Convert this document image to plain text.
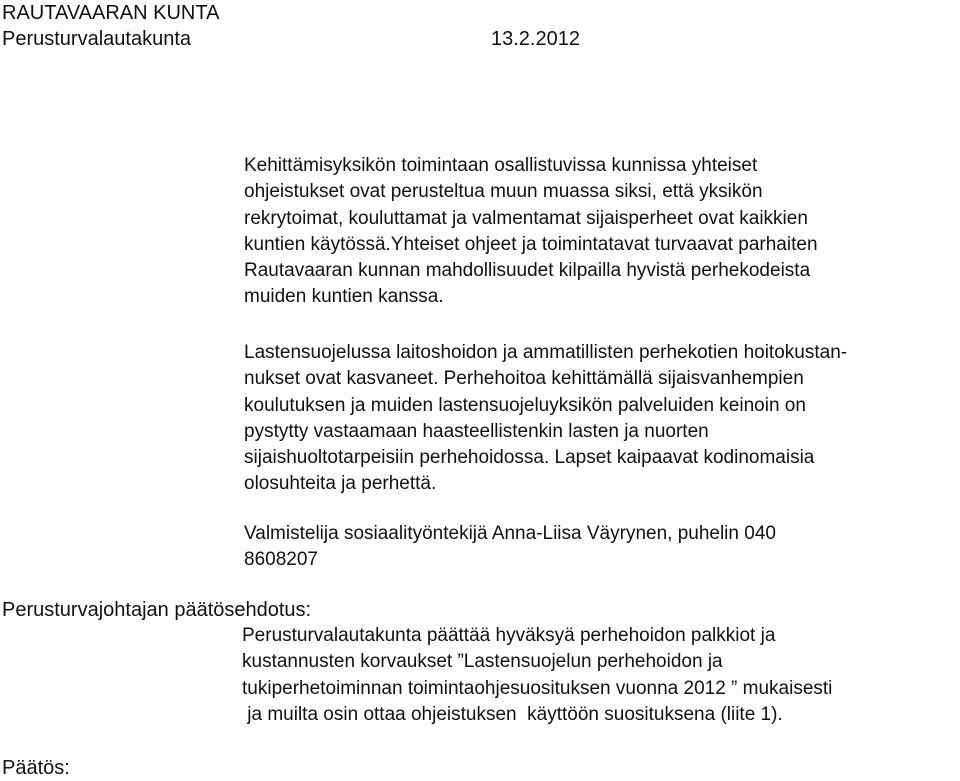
RAUTAVAARAN KUNTA
Perusturvalautakunta	13.2.2012
Kehittämisyksikön toimintaan osallistuvissa kunnissa yhteiset
ohjeistukset ovat perusteltua muun muassa siksi, että yksikön
rekrytoimat, kouluttamat ja valmentamat sijaisperheet ovat kaikkien
kuntien käytössä.Yhteiset ohjeet ja toimintatavat turvaavat parhaiten
Rautavaaran kunnan mahdollisuudet kilpailla hyvistä perhekodeista
muiden kuntien kanssa.
Lastensuojelussa laitoshoidon ja ammatillisten perhekotien hoitokustan-
nukset ovat kasvaneet. Perhehoitoa kehittämällä sijaisvanhempien
koulutuksen ja muiden lastensuojeluyksikön palveluiden keinoin on
pystytty vastaamaan haasteellistenkin lasten ja nuorten
sijaishuoltotarpeisiin perhehoidossa. Lapset kaipaavat kodinomaisia
olosuhteita ja perhettä.
Valmistelija sosiaalityöntekijä Anna-Liisa Väyrynen, puhelin 040
8608207
Perusturvajohtajan päätösehdotus:
Perusturvalautakunta päättää hyväksyä perhehoidon palkkiot ja
kustannusten korvaukset ”Lastensuojelun perhehoidon ja
tukiperhetoiminnan toimintaohjesuosituksen vuonna 2012 ” mukaisesti
ja muilta osin ottaa ohjeistuksen  käyttöön suosituksena (liite 1).
Päätös:
